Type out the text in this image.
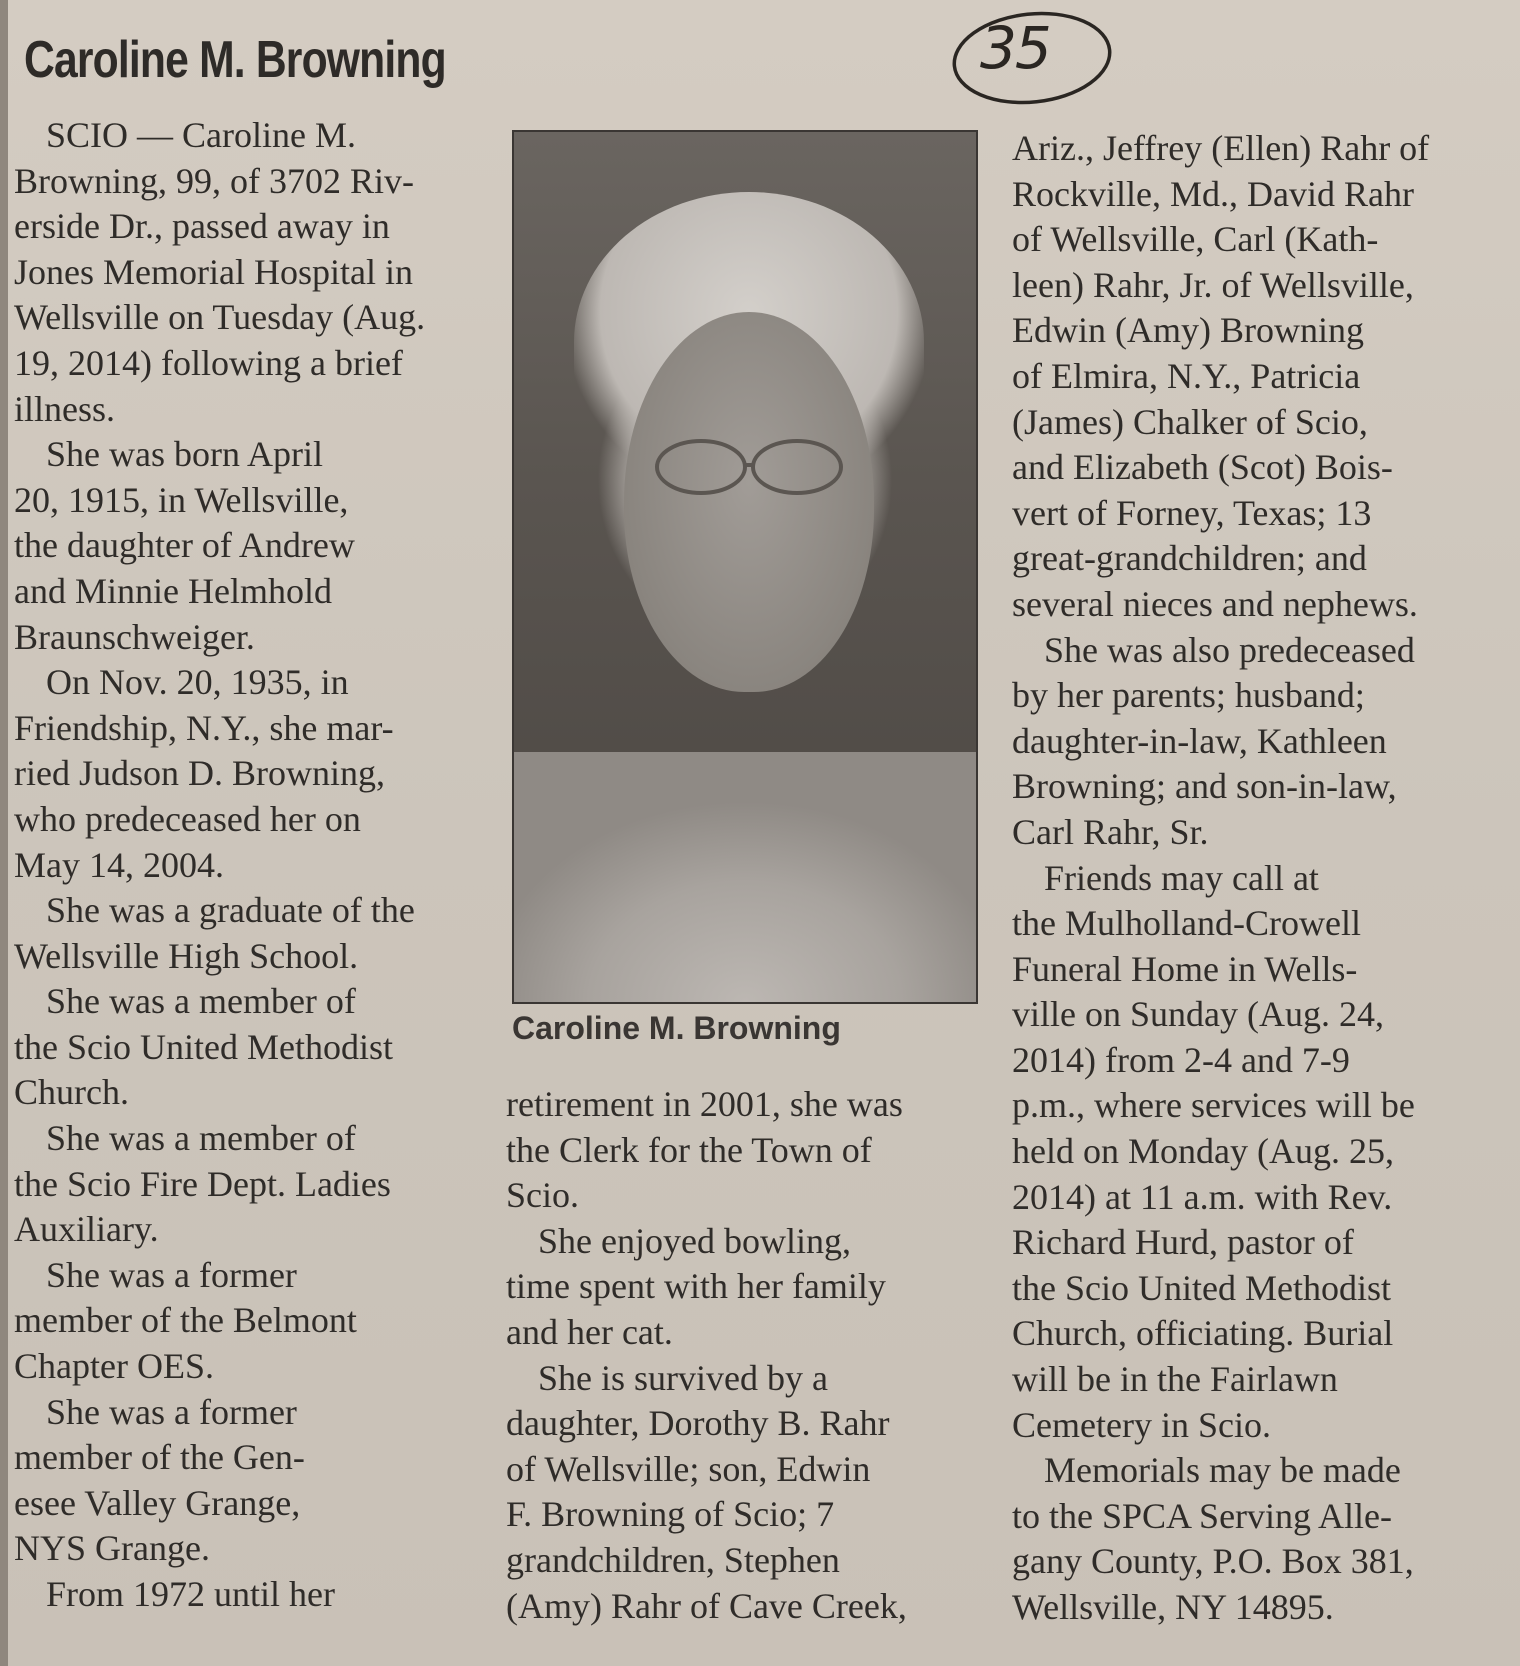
Caroline M. Browning	35
SCIO — Caroline M.
Browning, 99, of 3702 Riv-
erside Dr., passed away in
Jones Memorial Hospital in
Wellsville on Tuesday (Aug.
19, 2014) following a brief
illness.
She was born April
20, 1915, in Wellsville,
the daughter of Andrew
and Minnie Helmhold
Braunschweiger.
On Nov. 20, 1935, in
Friendship, N.Y., she mar-
ried Judson D. Browning,
who predeceased her on
May 14, 2004.
She was a graduate of the
Wellsville High School.
She was a member of
the Scio United Methodist
Church.
She was a member of
the Scio Fire Dept. Ladies
Auxiliary.
She was a former
member of the Belmont
Chapter OES.
She was a former
member of the Gen-
esee Valley Grange,
NYS Grange.
From 1972 until her
Caroline M. Browning
retirement in 2001, she was
the Clerk for the Town of
Scio.
She enjoyed bowling,
time spent with her family
and her cat.
She is survived by a
daughter, Dorothy B. Rahr
of Wellsville; son, Edwin
F. Browning of Scio; 7
grandchildren, Stephen
(Amy) Rahr of Cave Creek,
Ariz., Jeffrey (Ellen) Rahr of
Rockville, Md., David Rahr
of Wellsville, Carl (Kath-
leen) Rahr, Jr. of Wellsville,
Edwin (Amy) Browning
of Elmira, N.Y., Patricia
(James) Chalker of Scio,
and Elizabeth (Scot) Bois-
vert of Forney, Texas; 13
great-grandchildren; and
several nieces and nephews.
She was also predeceased
by her parents; husband;
daughter-in-law, Kathleen
Browning; and son-in-law,
Carl Rahr, Sr.
Friends may call at
the Mulholland-Crowell
Funeral Home in Wells-
ville on Sunday (Aug. 24,
2014) from 2-4 and 7-9
p.m., where services will be
held on Monday (Aug. 25,
2014) at 11 a.m. with Rev.
Richard Hurd, pastor of
the Scio United Methodist
Church, officiating. Burial
will be in the Fairlawn
Cemetery in Scio.
Memorials may be made
to the SPCA Serving Alle-
gany County, P.O. Box 381,
Wellsville, NY 14895.
